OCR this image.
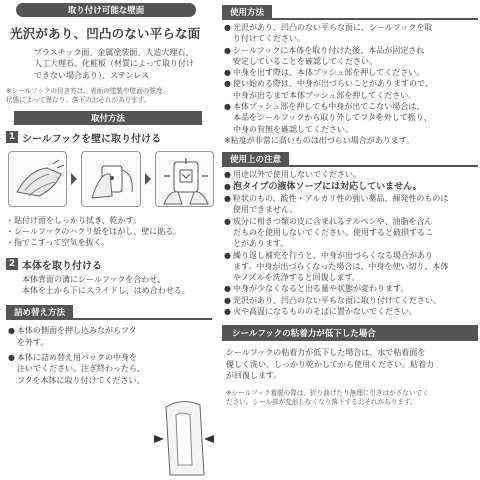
取り付け可能な壁面
光沢があり、凹凸のない平らな面
プラスチック面、金属塗装面、人造大理石、
人工大理石、化粧板（材質によって取り付け
できない場合あり）、ステンレス
※シールフックの付き方は、表面の塗装や壁面の強度、
状態によって異なり、落下のおそれがあります。
取付方法
1 シールフックを壁に取り付ける
・貼付け面をしっかり拭き、乾かす。
・シールフックのハクリ紙をはがし、壁に貼る。
・指でこすって空気を抜く。
2 本体を取り付ける
本体背面の溝にシールフックを合わせ、
本体を上から下にスライドし、はめ合わせる。
詰め替え方法
● 本体の側面を押し込みながらフタ
を外す。
● 本体に詰め替え用パックの中身を
注いでください。注ぎ終わったら、
フタを本体に取り付けてください。
使用方法
● 光沢があり、凹凸のない平らな面に、シールフックを取
り付けてください。
● シールフックに本体を取り付けた後、本品が固定され
安定していることを確認してください。
● 中身を出す際は、本体プッシュ部を押してください。
● 使い始める際は、中身が出づらいことがありますので、
中身が出るまで本体プッシュ部を押してください。
● 本体プッシュ部を押しても中身が出てこない場合は、
本品をシールフックから取り外してフタを外して振り、
中身の有無を確認してください。
※粘度が非常に高いものは出づらい場合があります。
使用上の注意
● 用途以外で使用しないでください。
● 泡タイプの液体ソープには対応していません。
● 粒状のもの、酸性・アルカリ性の強い薬品、揮発性のものは
使用できません。
● 成分に柑きつ類の皮に含まれるテルペンや、油脂を含ん
だものを使用しないでください。使用すると破損するこ
とがあります。
● 繰り返し補充を行うと、中身が出づらくなる場合があり
ます。中身が出づらくなった場合は、中身を使い切り、本体
やノズルを洗浄すると回復します。
● 中身が少なくなると出る量や状態が変わります。
● 光沢があり、凹凸のない平らな面に取り付けてください。
● 火や高温になるもののそばに置かないでください。
シールフックの粘着力が低下した場合
シールフックの粘着力が低下した場合は、水で粘着面を
優しく洗い、しっかり乾かしてから使用ください。粘着力
が回復します。
※シールフック着脱の際は、折り曲げたり無理に引きはがさないでく
ださい。シール部が変形しなくなり落下するおそれがあります。
